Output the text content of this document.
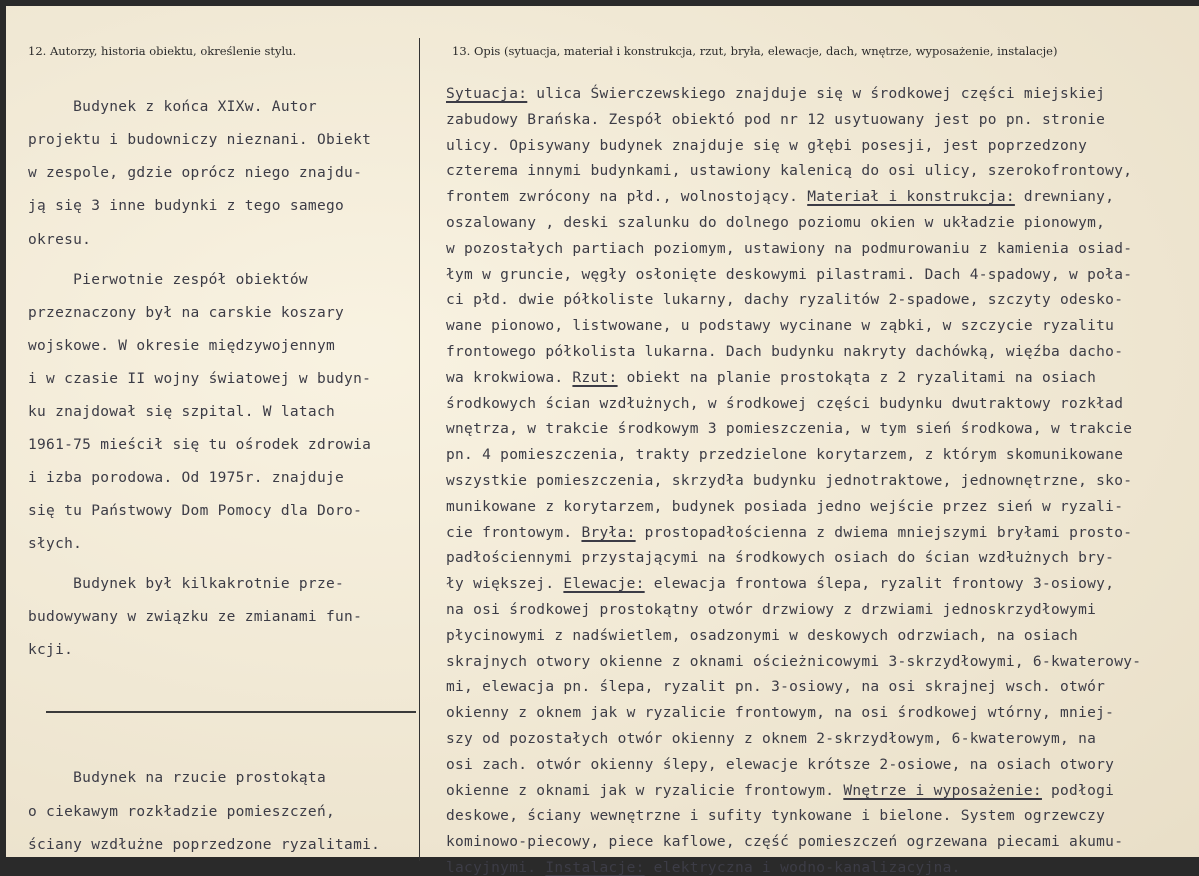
12. Autorzy, historia obiektu, określenie stylu.	13. Opis (sytuacja, materiał i konstrukcja, rzut, bryła, elewacje, dach, wnętrze, wyposażenie, instalacje)
Budynek z końca XIXw. Autor
projektu i budowniczy nieznani. Obiekt
w zespole, gdzie oprócz niego znajdu-
ją się 3 inne budynki z tego samego
okresu.
Pierwotnie zespół obiektów
przeznaczony był na carskie koszary
wojskowe. W okresie międzywojennym
i w czasie II wojny światowej w budyn-
ku znajdował się szpital. W latach
1961-75 mieścił się tu ośrodek zdrowia
i izba porodowa. Od 1975r. znajduje
się tu Państwowy Dom Pomocy dla Doro-
słych.
Budynek był kilkakrotnie prze-
budowywany w związku ze zmianami fun-
kcji.
Budynek na rzucie prostokąta
o ciekawym rozkładzie pomieszczeń,
ściany wzdłużne poprzedzone ryzalitami.
Sytuacja: ulica Świerczewskiego znajduje się w środkowej części miejskiej
zabudowy Brańska. Zespół obiektó pod nr 12 usytuowany jest po pn. stronie
ulicy. Opisywany budynek znajduje się w głębi posesji, jest poprzedzony
czterema innymi budynkami, ustawiony kalenicą do osi ulicy, szerokofrontowy,
frontem zwrócony na płd., wolnostojący. Materiał i konstrukcja: drewniany,
oszalowany , deski szalunku do dolnego poziomu okien w układzie pionowym,
w pozostałych partiach poziomym, ustawiony na podmurowaniu z kamienia osiad-
łym w gruncie, węgły osłonięte deskowymi pilastrami. Dach 4-spadowy, w poła-
ci płd. dwie półkoliste lukarny, dachy ryzalitów 2-spadowe, szczyty odesko-
wane pionowo, listwowane, u podstawy wycinane w ząbki, w szczycie ryzalitu
frontowego półkolista lukarna. Dach budynku nakryty dachówką, więźba dacho-
wa krokwiowa. Rzut: obiekt na planie prostokąta z 2 ryzalitami na osiach
środkowych ścian wzdłużnych, w środkowej części budynku dwutraktowy rozkład
wnętrza, w trakcie środkowym 3 pomieszczenia, w tym sień środkowa, w trakcie
pn. 4 pomieszczenia, trakty przedzielone korytarzem, z którym skomunikowane
wszystkie pomieszczenia, skrzydła budynku jednotraktowe, jednownętrzne, sko-
munikowane z korytarzem, budynek posiada jedno wejście przez sień w ryzali-
cie frontowym. Bryła: prostopadłościenna z dwiema mniejszymi bryłami prosto-
padłościennymi przystającymi na środkowych osiach do ścian wzdłużnych bry-
ły większej. Elewacje: elewacja frontowa ślepa, ryzalit frontowy 3-osiowy,
na osi środkowej prostokątny otwór drzwiowy z drzwiami jednoskrzydłowymi
płycinowymi z nadświetlem, osadzonymi w deskowych odrzwiach, na osiach
skrajnych otwory okienne z oknami ościeżnicowymi 3-skrzydłowymi, 6-kwaterowy-
mi, elewacja pn. ślepa, ryzalit pn. 3-osiowy, na osi skrajnej wsch. otwór
okienny z oknem jak w ryzalicie frontowym, na osi środkowej wtórny, mniej-
szy od pozostałych otwór okienny z oknem 2-skrzydłowym, 6-kwaterowym, na
osi zach. otwór okienny ślepy, elewacje krótsze 2-osiowe, na osiach otwory
okienne z oknami jak w ryzalicie frontowym. Wnętrze i wyposażenie: podłogi
deskowe, ściany wewnętrzne i sufity tynkowane i bielone. System ogrzewczy
kominowo-piecowy, piece kaflowe, część pomieszczeń ogrzewana piecami akumu-
lacyjnymi. Instalacje: elektryczna i wodno-kanalizacyjna.
